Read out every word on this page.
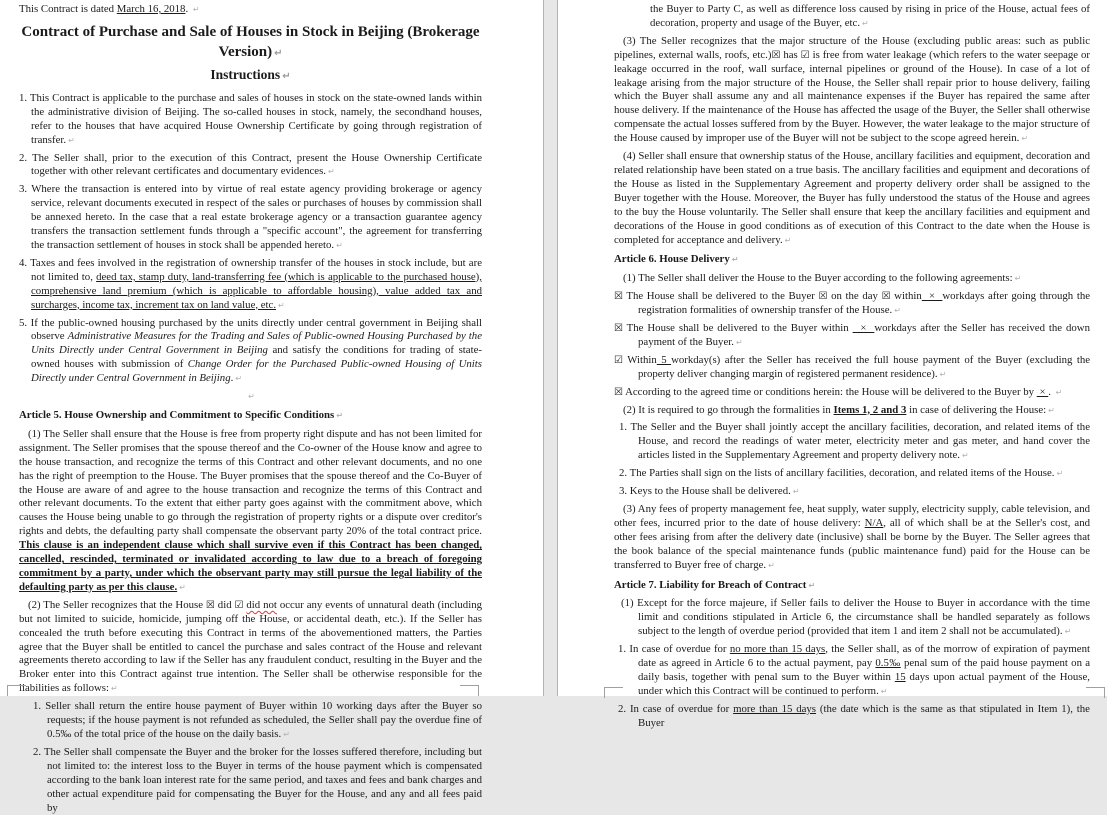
This Contract is dated March 16, 2018. ↵

Contract of Purchase and Sale of Houses in Stock in Beijing (Brokerage Version) ↵
Instructions ↵

1. This Contract is applicable to the purchase and sales of houses in stock on the state-owned lands within the administrative division of Beijing. The so-called houses in stock, namely, the secondhand houses, refer to the houses that have acquired House Ownership Certificate by going through registration of transfer. ↵

2. The Seller shall, prior to the execution of this Contract, present the House Ownership Certificate together with other relevant certificates and documentary evidences. ↵

3. Where the transaction is entered into by virtue of real estate agency providing brokerage or agency service, relevant documents executed in respect of the sales or purchases of houses by commission shall be annexed hereto. In the case that a real estate brokerage agency or a transaction guarantee agency transfers the transaction settlement funds through a "specific account", the agreement for transferring the transaction settlement of houses in stock shall be appended hereto. ↵

4. Taxes and fees involved in the registration of ownership transfer of the houses in stock include, but are not limited to, deed tax, stamp duty, land-transferring fee (which is applicable to the purchased house), comprehensive land premium (which is applicable to affordable housing), value added tax and surcharges, income tax, increment tax on land value, etc. ↵

5. If the public-owned housing purchased by the units directly under central government in Beijing shall observe Administrative Measures for the Trading and Sales of Public-owned Housing Purchased by the Units Directly under Central Government in Beijing and satisfy the conditions for trading of state-owned houses with submission of Change Order for the Purchased Public-owned Housing of Units Directly under Central Government in Beijing. ↵

↵

Article 5. House Ownership and Commitment to Specific Conditions ↵

(1) The Seller shall ensure that the House is free from property right dispute and has not been limited for assignment. The Seller promises that the spouse thereof and the Co-owner of the House know and agree to the house transaction, and recognize the terms of this Contract and other relevant documents, and no one has the right of preemption to the House. The Buyer promises that the spouse thereof and the Co-Buyer of the House are aware of and agree to the house transaction and recognize the terms of this Contract and other relevant documents. To the extent that either party goes against with the commitment above, which causes the House being unable to go through the registration of property rights or a dispute over creditor's rights and debts, the defaulting party shall compensate the observant party 20% of the total contract price. This clause is an independent clause which shall survive even if this Contract has been changed, cancelled, rescinded, terminated or invalidated according to law due to a breach of foregoing commitment by a party, under which the observant party may still pursue the legal liability of the defaulting party as per this clause. ↵

(2) The Seller recognizes that the House ☒ did ☑ did not occur any events of unnatural death (including but not limited to suicide, homicide, jumping off the House, or accidental death, etc.). If the Seller has concealed the truth before executing this Contract in terms of the abovementioned matters, the Parties agree that the Buyer shall be entitled to cancel the purchase and sales contract of the House and relevant agreements thereto according to law if the Seller has any fraudulent conduct, resulting in the Buyer and the Broker enter into this Contract against true intention. The Seller shall be otherwise responsible for the liabilities as follows: ↵

1. Seller shall return the entire house payment of Buyer within 10 working days after the Buyer so requests; if the house payment is not refunded as scheduled, the Seller shall pay the overdue fine of 0.5‰ of the total price of the house on the daily basis. ↵

2. The Seller shall compensate the Buyer and the broker for the losses suffered therefore, including but not limited to: the interest loss to the Buyer in terms of the house payment which is compensated according to the bank loan interest rate for the same period, and taxes and fees and bank charges and other actual expenditure paid for compensating the Buyer for the House, and any and all fees paid by

the Buyer to Party C, as well as difference loss caused by rising in price of the House, actual fees of decoration, property and usage of the Buyer, etc. ↵

(3) The Seller recognizes that the major structure of the House (excluding public areas: such as public pipelines, external walls, roofs, etc.)☒ has ☑ is free from water leakage (which refers to the water seepage or leakage occurred in the roof, wall surface, internal pipelines or ground of the House). In case of a lot of leakage arising from the major structure of the House, the Seller shall repair prior to house delivery, failing which the Buyer shall assume any and all maintenance expenses if the Buyer has repaired the same after house delivery. If the maintenance of the House has affected the usage of the Buyer, the Seller shall otherwise compensate the actual losses suffered from by the Buyer. However, the water leakage to the major structure of the House caused by improper use of the Buyer will not be subject to the scope agreed herein. ↵

(4) Seller shall ensure that ownership status of the House, ancillary facilities and equipment, decoration and related relationship have been stated on a true basis. The ancillary facilities and equipment and decorations of the House as listed in the Supplementary Agreement and property delivery order shall be assigned to the Buyer together with the House. Moreover, the Buyer has fully understood the status of the House and agrees to the buy the House voluntarily. The Seller shall ensure that keep the ancillary facilities and equipment and decorations of the House in good conditions as of execution of this Contract to the date when the House is completed for acceptance and delivery. ↵

Article 6. House Delivery ↵

(1) The Seller shall deliver the House to the Buyer according to the following agreements: ↵

☒ The House shall be delivered to the Buyer ☒ on the day ☒ within  ×  workdays after going through the registration formalities of ownership transfer of the House. ↵

☒ The House shall be delivered to the Buyer within   ×  workdays after the Seller has received the down payment of the Buyer. ↵

☑ Within 5 workday(s) after the Seller has received the full house payment of the Buyer (excluding the property deliver changing margin of registered permanent residence). ↵

☒ According to the agreed time or conditions herein: the House will be delivered to the Buyer by  × . ↵

(2) It is required to go through the formalities in Items 1, 2 and 3 in case of delivering the House: ↵

1. The Seller and the Buyer shall jointly accept the ancillary facilities, decoration, and related items of the House, and record the readings of water meter, electricity meter and gas meter, and hand cover the articles listed in the Supplementary Agreement and property delivery note. ↵

2. The Parties shall sign on the lists of ancillary facilities, decoration, and related items of the House. ↵

3. Keys to the House shall be delivered. ↵

(3) Any fees of property management fee, heat supply, water supply, electricity supply, cable television, and other fees, incurred prior to the date of house delivery: N/A, all of which shall be at the Seller's cost, and other fees arising from after the delivery date (inclusive) shall be borne by the Buyer. The Seller agrees that the book balance of the special maintenance funds (public maintenance fund) paid for the House can be transferred to Buyer free of charge. ↵

Article 7. Liability for Breach of Contract ↵

(1) Except for the force majeure, if Seller fails to deliver the House to Buyer in accordance with the time limit and conditions stipulated in Article 6, the circumstance shall be handled separately as follows subject to the length of overdue period (provided that item 1 and item 2 shall not be accumulated). ↵

1. In case of overdue for no more than 15 days, the Seller shall, as of the morrow of expiration of payment date as agreed in Article 6 to the actual payment, pay 0.5‰ penal sum of the paid house payment on a daily basis, together with penal sum to the Buyer within 15 days upon actual payment of the House, under which this Contract will be continued to perform. ↵

2. In case of overdue for more than 15 days (the date which is the same as that stipulated in Item 1), the Buyer
